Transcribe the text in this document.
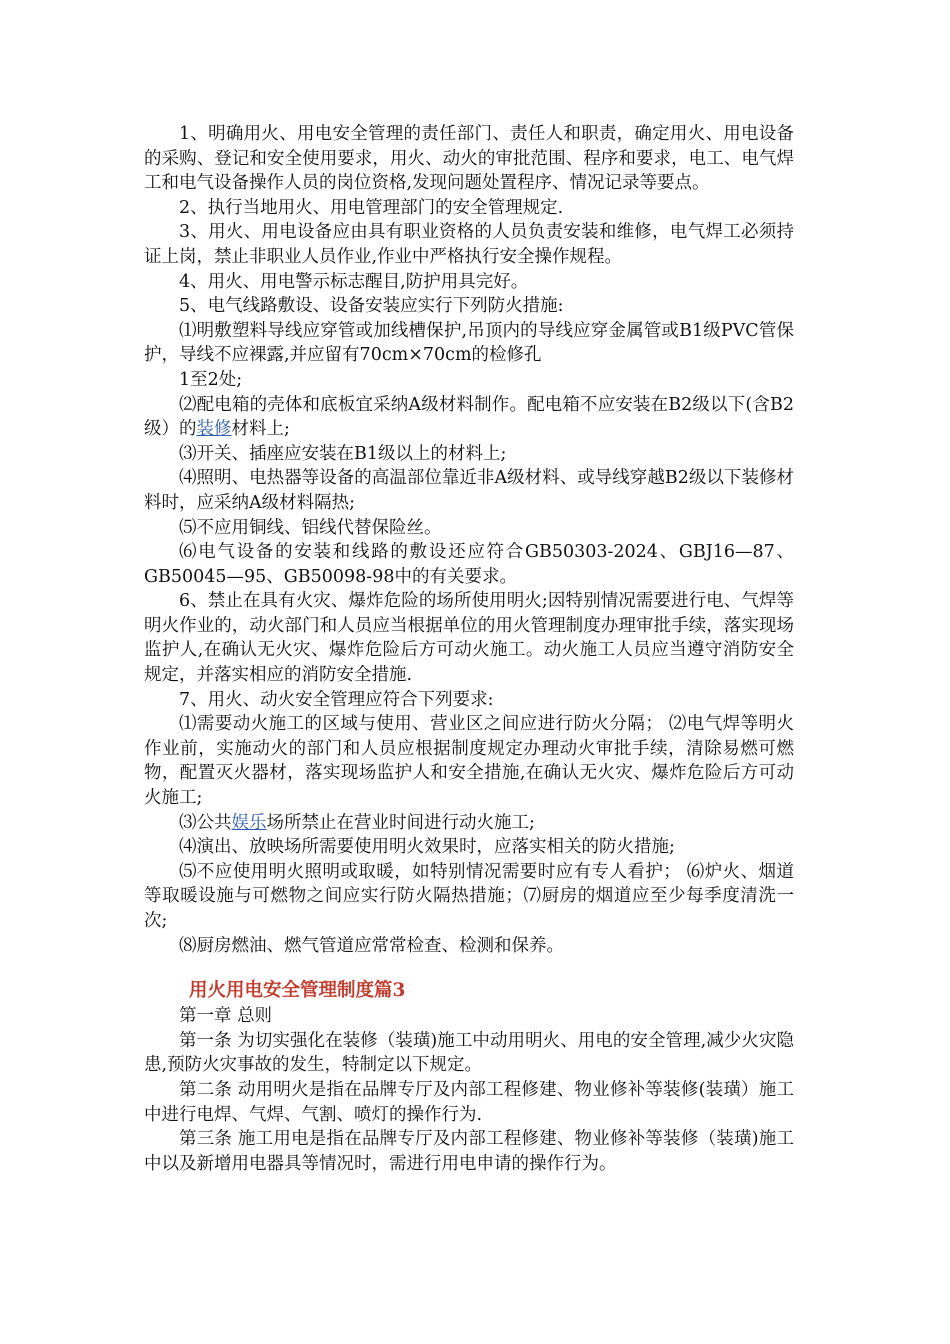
1、明确用火、用电安全管理的责任部门、责任人和职责，确定用火、用电设备的采购、登记和安全使用要求，用火、动火的审批范围、程序和要求，电工、电气焊工和电气设备操作人员的岗位资格,发现问题处置程序、情况记录等要点。

2、执行当地用火、用电管理部门的安全管理规定.

3、用火、用电设备应由具有职业资格的人员负责安装和维修，电气焊工必须持证上岗，禁止非职业人员作业,作业中严格执行安全操作规程。

4、用火、用电警示标志醒目,防护用具完好。

5、电气线路敷设、设备安装应实行下列防火措施:

⑴明敷塑料导线应穿管或加线槽保护,吊顶内的导线应穿金属管或B1级PVC管保护，导线不应裸露,并应留有70cm×70cm的检修孔

1至2处;

⑵配电箱的壳体和底板宜采纳A级材料制作。配电箱不应安装在B2级以下(含B2级）的装修材料上;

⑶开关、插座应安装在B1级以上的材料上;

⑷照明、电热器等设备的高温部位靠近非A级材料、或导线穿越B2级以下装修材料时，应采纳A级材料隔热;

⑸不应用铜线、铝线代替保险丝。

⑹电气设备的安装和线路的敷设还应符合GB50303-2024、GBJ16—87、GB50045—95、GB50098-98中的有关要求。

6、禁止在具有火灾、爆炸危险的场所使用明火;因特别情况需要进行电、气焊等明火作业的，动火部门和人员应当根据单位的用火管理制度办理审批手续，落实现场监护人,在确认无火灾、爆炸危险后方可动火施工。动火施工人员应当遵守消防安全规定，并落实相应的消防安全措施.

7、用火、动火安全管理应符合下列要求:

⑴需要动火施工的区域与使用、营业区之间应进行防火分隔； ⑵电气焊等明火作业前，实施动火的部门和人员应根据制度规定办理动火审批手续，清除易燃可燃物，配置灭火器材，落实现场监护人和安全措施,在确认无火灾、爆炸危险后方可动火施工;

⑶公共娱乐场所禁止在营业时间进行动火施工;

⑷演出、放映场所需要使用明火效果时，应落实相关的防火措施;

⑸不应使用明火照明或取暖，如特别情况需要时应有专人看护； ⑹炉火、烟道等取暖设施与可燃物之间应实行防火隔热措施；⑺厨房的烟道应至少每季度清洗一次;

⑻厨房燃油、燃气管道应常常检查、检测和保养。

用火用电安全管理制度篇3

第一章 总则

第一条 为切实强化在装修（装璜)施工中动用明火、用电的安全管理,减少火灾隐患,预防火灾事故的发生，特制定以下规定。

第二条 动用明火是指在品牌专厅及内部工程修建、物业修补等装修(装璜）施工中进行电焊、气焊、气割、喷灯的操作行为.

第三条 施工用电是指在品牌专厅及内部工程修建、物业修补等装修（装璜)施工中以及新增用电器具等情况时，需进行用电申请的操作行为。
